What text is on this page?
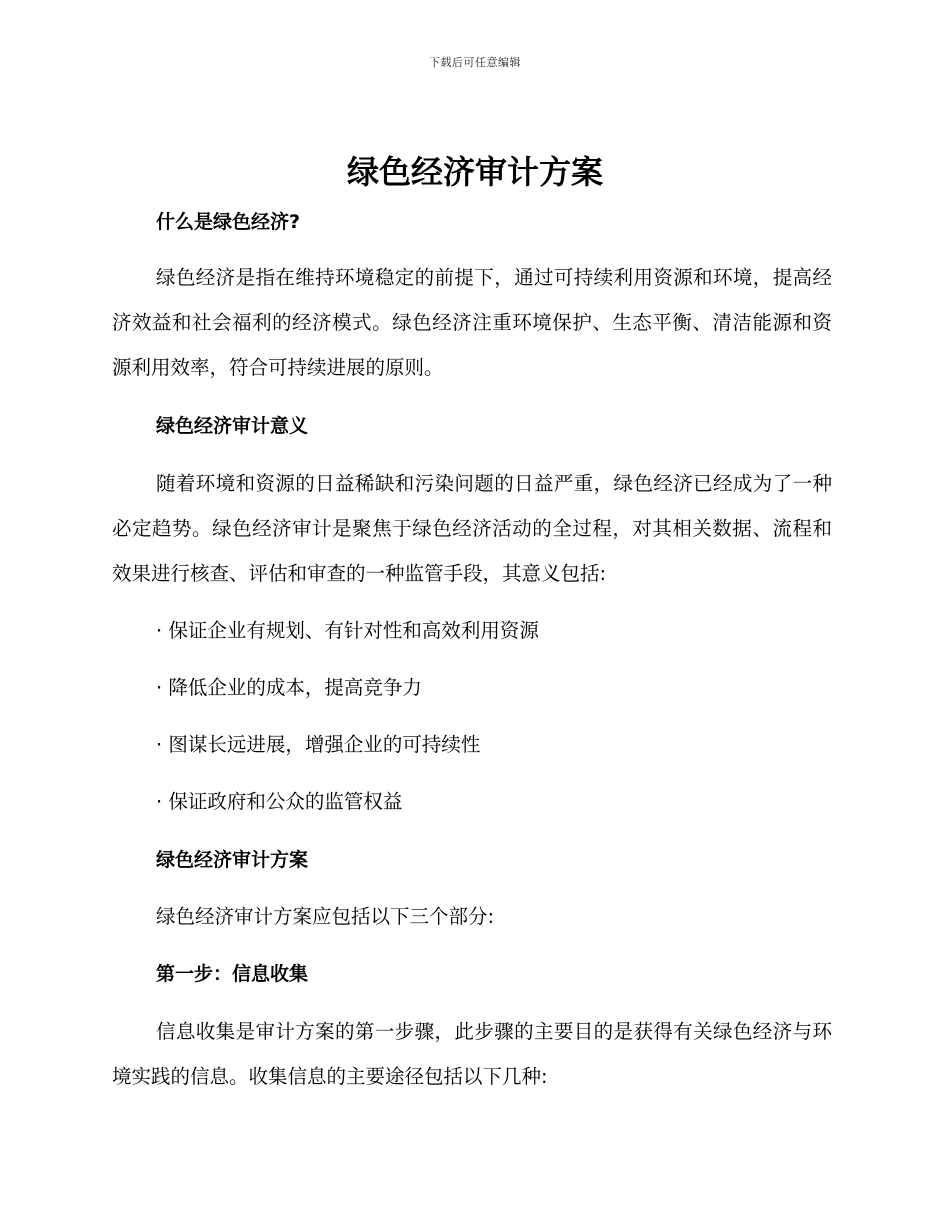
下载后可任意编辑
绿色经济审计方案
什么是绿色经济?

绿色经济是指在维持环境稳定的前提下，通过可持续利用资源和环境，提高经济效益和社会福利的经济模式。绿色经济注重环境保护、生态平衡、清洁能源和资源利用效率，符合可持续进展的原则。

绿色经济审计意义

随着环境和资源的日益稀缺和污染问题的日益严重，绿色经济已经成为了一种必定趋势。绿色经济审计是聚焦于绿色经济活动的全过程，对其相关数据、流程和效果进行核查、评估和审查的一种监管手段，其意义包括:

· 保证企业有规划、有针对性和高效利用资源
· 降低企业的成本，提高竞争力
· 图谋长远进展，增强企业的可持续性
· 保证政府和公众的监管权益
绿色经济审计方案
绿色经济审计方案应包括以下三个部分:
第一步：信息收集

信息收集是审计方案的第一步骤，此步骤的主要目的是获得有关绿色经济与环境实践的信息。收集信息的主要途径包括以下几种:
